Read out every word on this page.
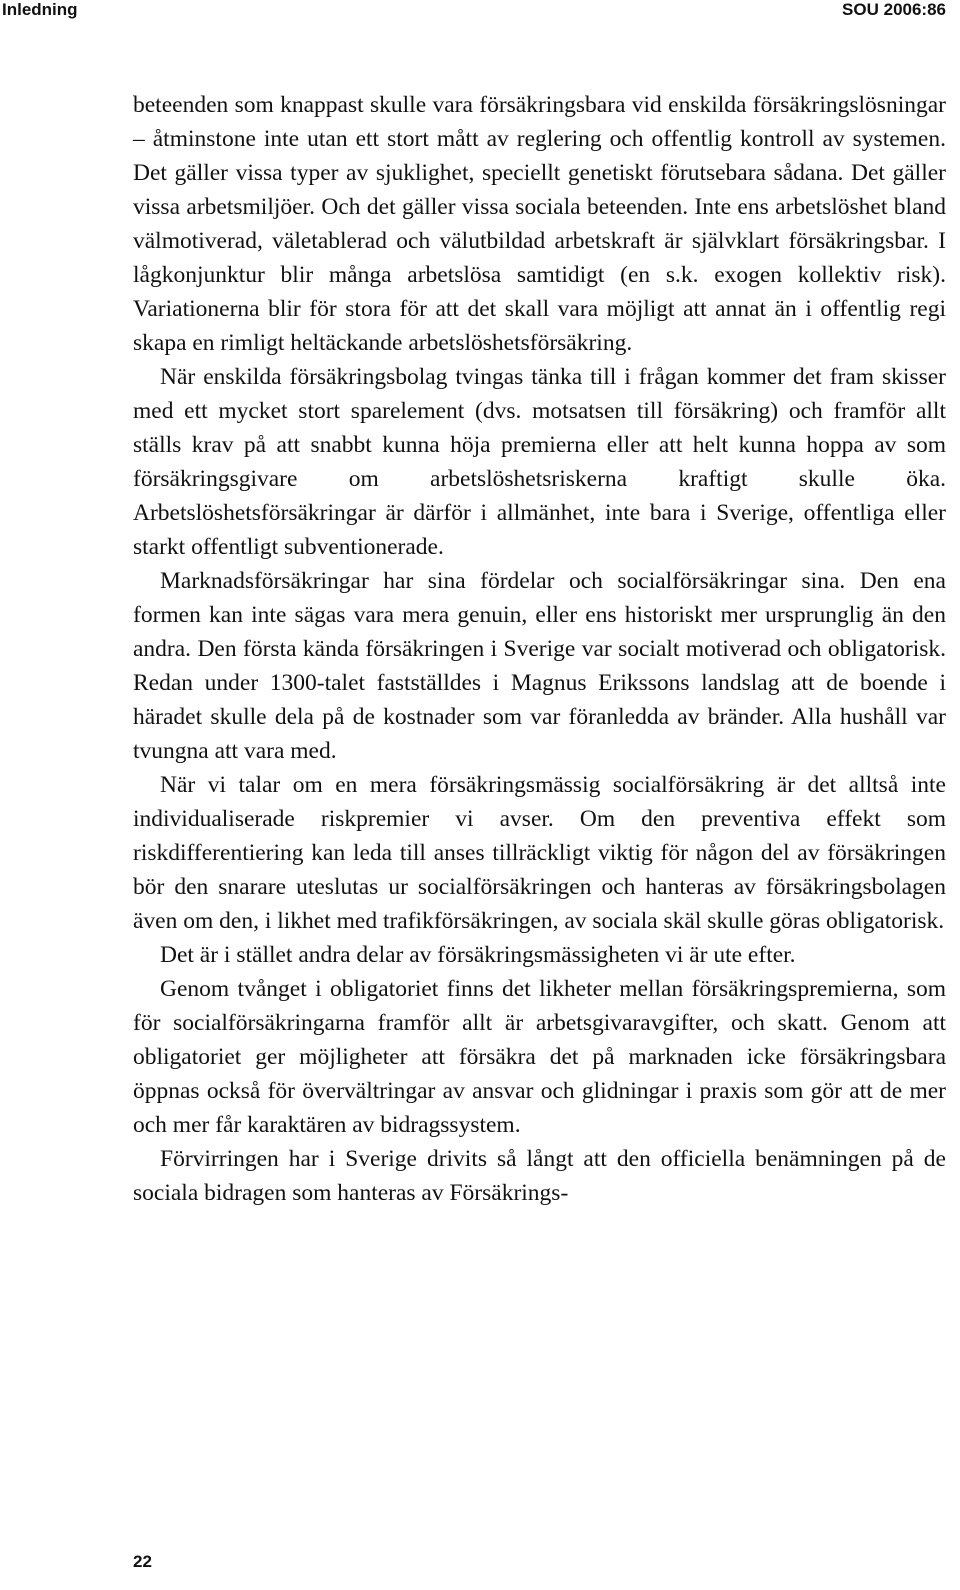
Inledning	SOU 2006:86

beteenden som knappast skulle vara försäkringsbara vid enskilda försäkringslösningar – åtminstone inte utan ett stort mått av reglering och offentlig kontroll av systemen. Det gäller vissa typer av sjuklighet, speciellt genetiskt förutsebara sådana. Det gäller vissa arbetsmiljöer. Och det gäller vissa sociala beteenden. Inte ens arbetslöshet bland välmotiverad, väletablerad och välutbildad arbetskraft är självklart försäkringsbar. I lågkonjunktur blir många arbetslösa samtidigt (en s.k. exogen kollektiv risk). Variationerna blir för stora för att det skall vara möjligt att annat än i offentlig regi skapa en rimligt heltäckande arbetslöshetsförsäkring.

När enskilda försäkringsbolag tvingas tänka till i frågan kommer det fram skisser med ett mycket stort sparelement (dvs. motsatsen till försäkring) och framför allt ställs krav på att snabbt kunna höja premierna eller att helt kunna hoppa av som försäkringsgivare om arbetslöshetsriskerna kraftigt skulle öka. Arbetslöshetsförsäkringar är därför i allmänhet, inte bara i Sverige, offentliga eller starkt offentligt subventionerade.

Marknadsförsäkringar har sina fördelar och socialförsäkringar sina. Den ena formen kan inte sägas vara mera genuin, eller ens historiskt mer ursprunglig än den andra. Den första kända försäkringen i Sverige var socialt motiverad och obligatorisk. Redan under 1300-talet fastställdes i Magnus Erikssons landslag att de boende i häradet skulle dela på de kostnader som var föranledda av bränder. Alla hushåll var tvungna att vara med.

När vi talar om en mera försäkringsmässig socialförsäkring är det alltså inte individualiserade riskpremier vi avser. Om den preventiva effekt som riskdifferentiering kan leda till anses tillräckligt viktig för någon del av försäkringen bör den snarare uteslutas ur socialförsäkringen och hanteras av försäkringsbolagen även om den, i likhet med trafikförsäkringen, av sociala skäl skulle göras obligatorisk.

Det är i stället andra delar av försäkringsmässigheten vi är ute efter.

Genom tvånget i obligatoriet finns det likheter mellan försäkringspremierna, som för socialförsäkringarna framför allt är arbetsgivaravgifter, och skatt. Genom att obligatoriet ger möjligheter att försäkra det på marknaden icke försäkringsbara öppnas också för övervältringar av ansvar och glidningar i praxis som gör att de mer och mer får karaktären av bidragssystem.

Förvirringen har i Sverige drivits så långt att den officiella benämningen på de sociala bidragen som hanteras av Försäkrings-

22
